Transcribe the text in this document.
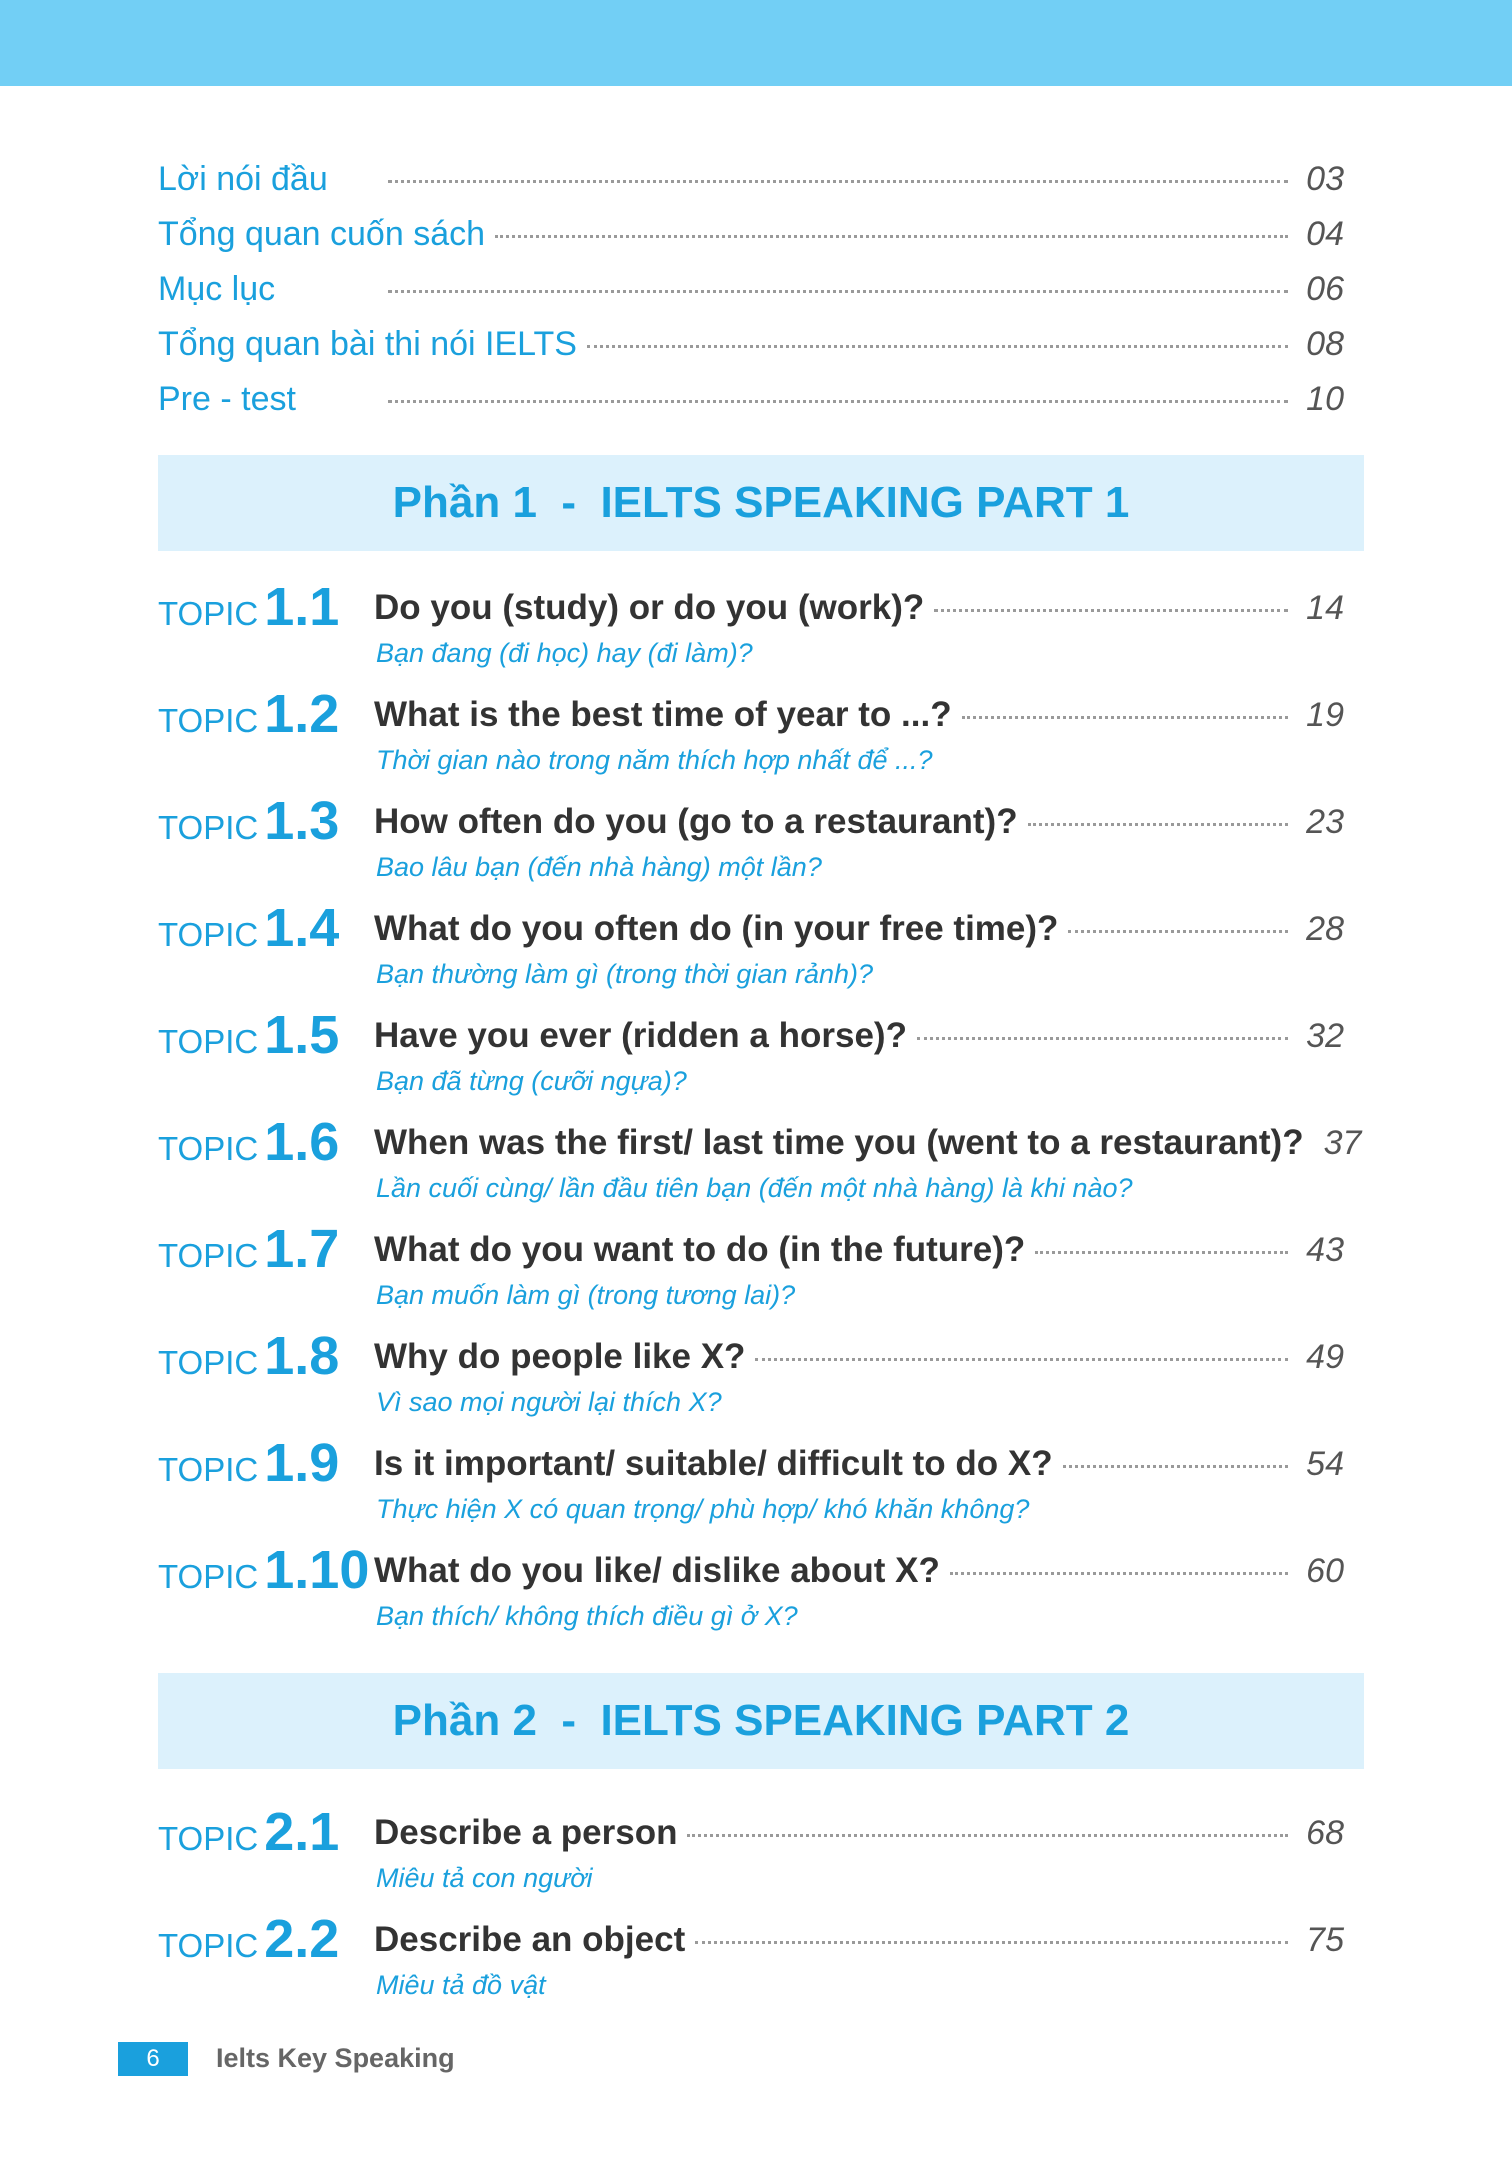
Lời nói đầu	03
Tổng quan cuốn sách	04
Mục lục	06
Tổng quan bài thi nói IELTS	08
Pre - test	10
Phần 1  -  IELTS SPEAKING PART 1
TOPIC 1.1 Do you (study) or do you (work)?	14
Bạn đang (đi học) hay (đi làm)?
TOPIC 1.2 What is the best time of year to ...?	19
Thời gian nào trong năm thích hợp nhất để ...?
TOPIC 1.3 How often do you (go to a restaurant)?	23
Bao lâu bạn (đến nhà hàng) một lần?
TOPIC 1.4 What do you often do (in your free time)?	28
Bạn thường làm gì (trong thời gian rảnh)?
TOPIC 1.5 Have you ever (ridden a horse)?	32
Bạn đã từng (cưỡi ngựa)?
TOPIC 1.6 When was the first/ last time you (went to a restaurant)? 37
Lần cuối cùng/ lần đầu tiên bạn (đến một nhà hàng) là khi nào?
TOPIC 1.7 What do you want to do (in the future)?	43
Bạn muốn làm gì (trong tương lai)?
TOPIC 1.8 Why do people like X?	49
Vì sao mọi người lại thích X?
TOPIC 1.9 Is it important/ suitable/ difficult to do X?	54
Thực hiện X có quan trọng/ phù hợp/ khó khăn không?
TOPIC 1.10 What do you like/ dislike about X?	60
Bạn thích/ không thích điều gì ở X?
Phần 2  -  IELTS SPEAKING PART 2
TOPIC 2.1 Describe a person	68
Miêu tả con người
TOPIC 2.2 Describe an object	75
Miêu tả đồ vật
6	Ielts Key Speaking
